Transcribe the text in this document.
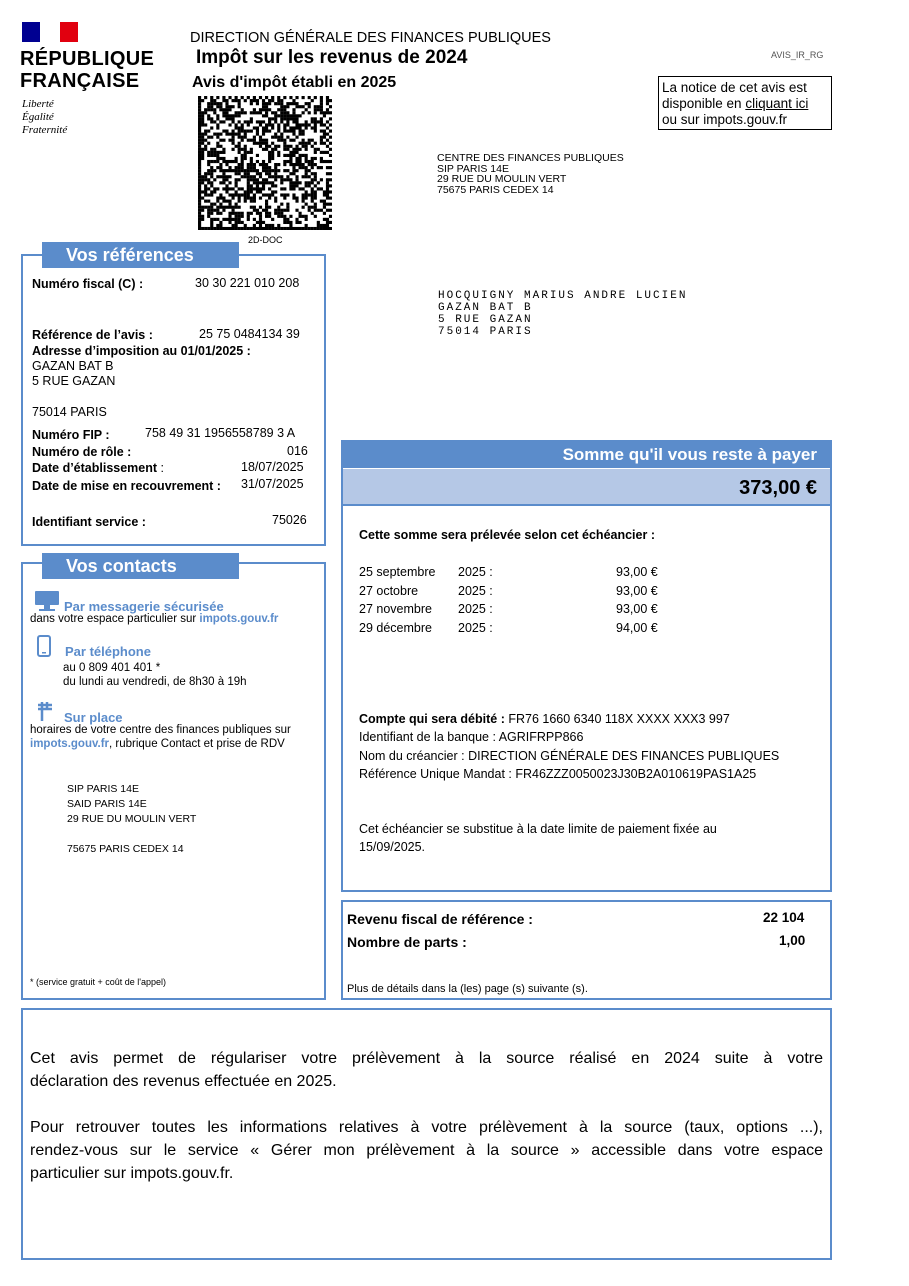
RÉPUBLIQUE
FRANÇAISE
Liberté
Égalité
Fraternité
DIRECTION GÉNÉRALE DES FINANCES PUBLIQUES
Impôt sur les revenus de 2024
Avis d'impôt établi en 2025
AVIS_IR_RG
La notice de cet avis est
disponible en cliquant ici
ou sur impots.gouv.fr
2D-DOC
CENTRE DES FINANCES PUBLIQUES
SIP PARIS 14E
29 RUE DU MOULIN VERT
75675 PARIS CEDEX 14
HOCQUIGNY MARIUS ANDRE LUCIEN
GAZAN BAT B
5 RUE GAZAN
75014 PARIS
Vos références
Numéro fiscal (C) :	30 30 221 010 208
Référence de l’avis :	25 75 0484134 39
Adresse d’imposition au 01/01/2025 :
GAZAN BAT B
5 RUE GAZAN
75014 PARIS
Numéro FIP :	758 49 31 1956558789 3 A
Numéro de rôle :	016
Date d’établissement :	18/07/2025
Date de mise en recouvrement : 31/07/2025
Identifiant service :	75026
Vos contacts
Par messagerie sécurisée
dans votre espace particulier sur impots.gouv.fr
Par téléphone
au 0 809 401 401 *
du lundi au vendredi, de 8h30 à 19h
Sur place
horaires de votre centre des finances publiques sur
impots.gouv.fr, rubrique Contact et prise de RDV
SIP PARIS 14E
SAID PARIS 14E
29 RUE DU MOULIN VERT
75675 PARIS CEDEX 14
* (service gratuit + coût de l'appel)
Somme qu'il vous reste à payer
373,00 €
Cette somme sera prélevée selon cet échéancier :
25 septembre 2025 :	93,00 €
27 octobre	2025 :	93,00 €
27 novembre 2025 :	93,00 €
29 décembre 2025 :	94,00 €
Compte qui sera débité : FR76 1660 6340 118X XXXX XXX3 997
Identifiant de la banque : AGRIFRPP866
Nom du créancier : DIRECTION GÉNÉRALE DES FINANCES PUBLIQUES
Référence Unique Mandat : FR46ZZZ0050023J30B2A010619PAS1A25
Cet échéancier se substitue à la date limite de paiement fixée au
15/09/2025.
Revenu fiscal de référence :	22 104
Nombre de parts :	1,00
Plus de détails dans la (les) page (s) suivante (s).
Cet avis permet de régulariser votre prélèvement à la source réalisé en 2024 suite à votre
déclaration des revenus effectuée en 2025.
Pour retrouver toutes les informations relatives à votre prélèvement à la source (taux, options ...),
rendez-vous sur le service « Gérer mon prélèvement à la source » accessible dans votre espace
particulier sur impots.gouv.fr.
